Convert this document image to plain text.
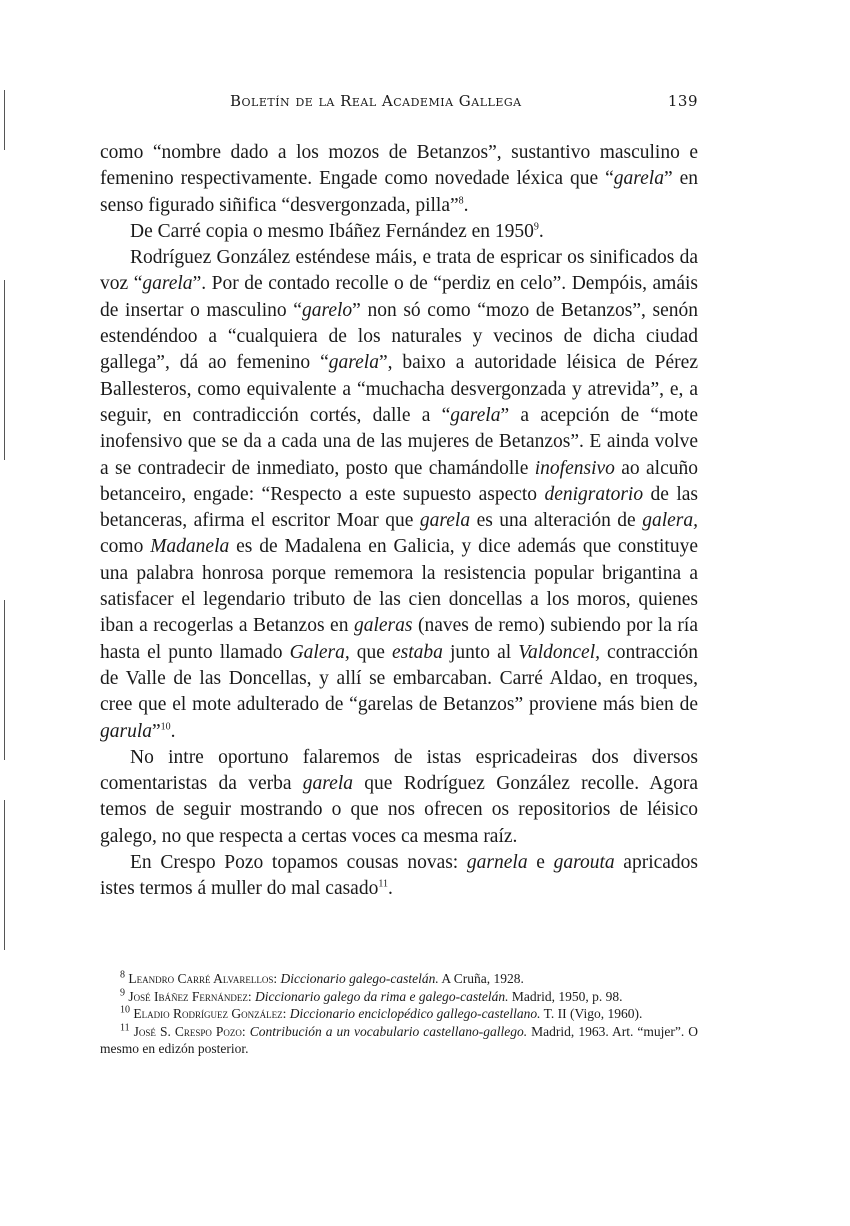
Boletín de la Real Academia Gallega	139

como “nombre dado a los mozos de Betanzos”, sustantivo masculino e femenino respectivamente. Engade como novedade léxica que “garela” en senso figurado siñifica “desvergonzada, pilla”$^8$.

De Carré copia o mesmo Ibáñez Fernández en 1950$^9$.

Rodríguez González esténdese máis, e trata de espricar os sinificados da voz “garela”. Por de contado recolle o de “perdiz en celo”. Dempóis, amáis de insertar o masculino “garelo” non só como “mozo de Betanzos”, senón estendéndoo a “cualquiera de los naturales y vecinos de dicha ciudad gallega”, dá ao femenino “garela”, baixo a autoridade léisica de Pérez Ballesteros, como equivalente a “muchacha desvergonzada y atrevida”, e, a seguir, en contradicción cortés, dalle a “garela” a acepción de “mote inofensivo que se da a cada una de las mujeres de Betanzos”. E ainda volve a se contradecir de inmediato, posto que chamándolle inofensivo ao alcuño betanceiro, engade: “Respecto a este supuesto aspecto denigratorio de las betanceras, afirma el escritor Moar que garela es una alteración de galera, como Madanela es de Madalena en Galicia, y dice además que constituye una palabra honrosa porque rememora la resistencia popular brigantina a satisfacer el legendario tributo de las cien doncellas a los moros, quienes iban a recogerlas a Betanzos en galeras (naves de remo) subiendo por la ría hasta el punto llamado Galera, que estaba junto al Valdoncel, contracción de Valle de las Doncellas, y allí se embarcaban. Carré Aldao, en troques, cree que el mote adulterado de “garelas de Betanzos” proviene más bien de garula”$^{10}$.

No intre oportuno falaremos de istas espricadeiras dos diversos comentaristas da verba garela que Rodríguez González recolle. Agora temos de seguir mostrando o que nos ofrecen os repositorios de léisico galego, no que respecta a certas voces ca mesma raíz.

En Crespo Pozo topamos cousas novas: garnela e garouta apricados istes termos á muller do mal casado$^{11}$.

$^8$ Leandro Carré Alvarellos: Diccionario galego-castelán. A Cruña, 1928.

$^9$ José Ibáñez Fernández: Diccionario galego da rima e galego-castelán. Madrid, 1950, p. 98.

$^{10}$ Eladio Rodríguez González: Diccionario enciclopédico gallego-castellano. T. II (Vigo, 1960).

$^{11}$ José S. Crespo Pozo: Contribución a un vocabulario castellano-gallego. Madrid, 1963. Art. “mujer”. O mesmo en edizón posterior.
